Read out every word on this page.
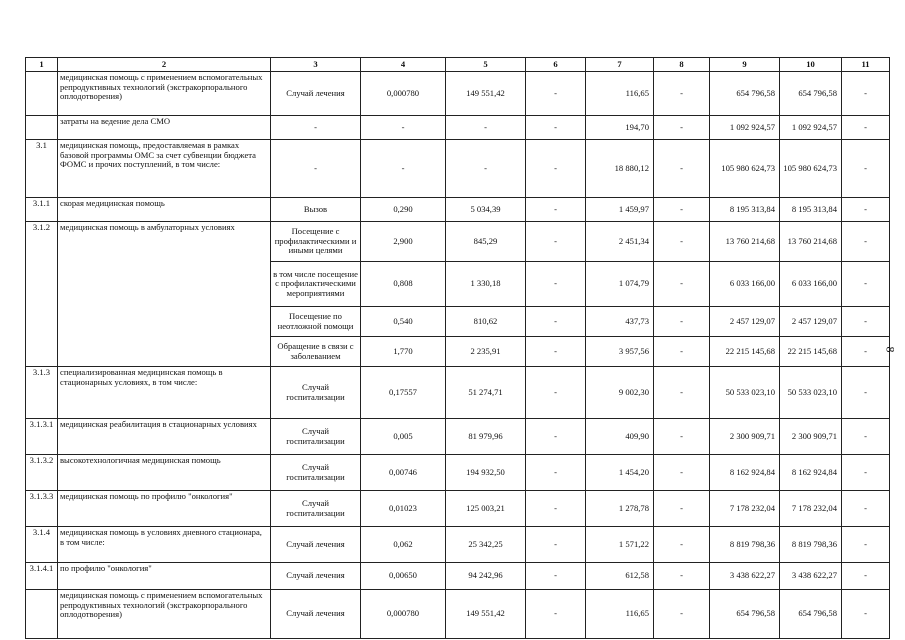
1	2	3	4	5	6	7	8	9	10	11
	медицинская помощь с применением вспомогательных репродуктивных технологий (экстракорпорального оплодотворения)	Случай лечения	0,000780	149 551,42	-	116,65	-	654 796,58	654 796,58	-
	затраты на ведение дела СМО	-	-	-	-	194,70	-	1 092 924,57	1 092 924,57	-
3.1	медицинская помощь, предоставляемая в рамках базовой программы ОМС за счет субвенции бюджета ФОМС и прочих поступлений, в том числе:	-	-	-	-	18 880,12	-	105 980 624,73	105 980 624,73	-
3.1.1	скорая медицинская помощь	Вызов	0,290	5 034,39	-	1 459,97	-	8 195 313,84	8 195 313,84	-
3.1.2	медицинская помощь в амбулаторных условиях	Посещение с профилактическими и иными целями	2,900	845,29	-	2 451,34	-	13 760 214,68	13 760 214,68	-
		в том числе посещение с профилактическими мероприятиями	0,808	1 330,18	-	1 074,79	-	6 033 166,00	6 033 166,00	-
		Посещение по неотложной помощи	0,540	810,62	-	437,73	-	2 457 129,07	2 457 129,07	-
		Обращение в связи с заболеванием	1,770	2 235,91	-	3 957,56	-	22 215 145,68	22 215 145,68	-
3.1.3	специализированная медицинская помощь в стационарных условиях, в том числе:	Случай госпитализации	0,17557	51 274,71	-	9 002,30	-	50 533 023,10	50 533 023,10	-
3.1.3.1	медицинская реабилитация в стационарных условиях	Случай госпитализации	0,005	81 979,96	-	409,90	-	2 300 909,71	2 300 909,71	-
3.1.3.2	высокотехнологичная медицинская помощь	Случай госпитализации	0,00746	194 932,50	-	1 454,20	-	8 162 924,84	8 162 924,84	-
3.1.3.3	медицинская помощь по профилю "онкология"	Случай госпитализации	0,01023	125 003,21	-	1 278,78	-	7 178 232,04	7 178 232,04	-
3.1.4	медицинская помощь в условиях дневного стационара, в том числе:	Случай лечения	0,062	25 342,25	-	1 571,22	-	8 819 798,36	8 819 798,36	-
3.1.4.1	по профилю "онкология"	Случай лечения	0,00650	94 242,96	-	612,58	-	3 438 622,27	3 438 622,27	-
	медицинская помощь с применением вспомогательных репродуктивных технологий (экстракорпорального оплодотворения)	Случай лечения	0,000780	149 551,42	-	116,65	-	654 796,58	654 796,58	-
8
